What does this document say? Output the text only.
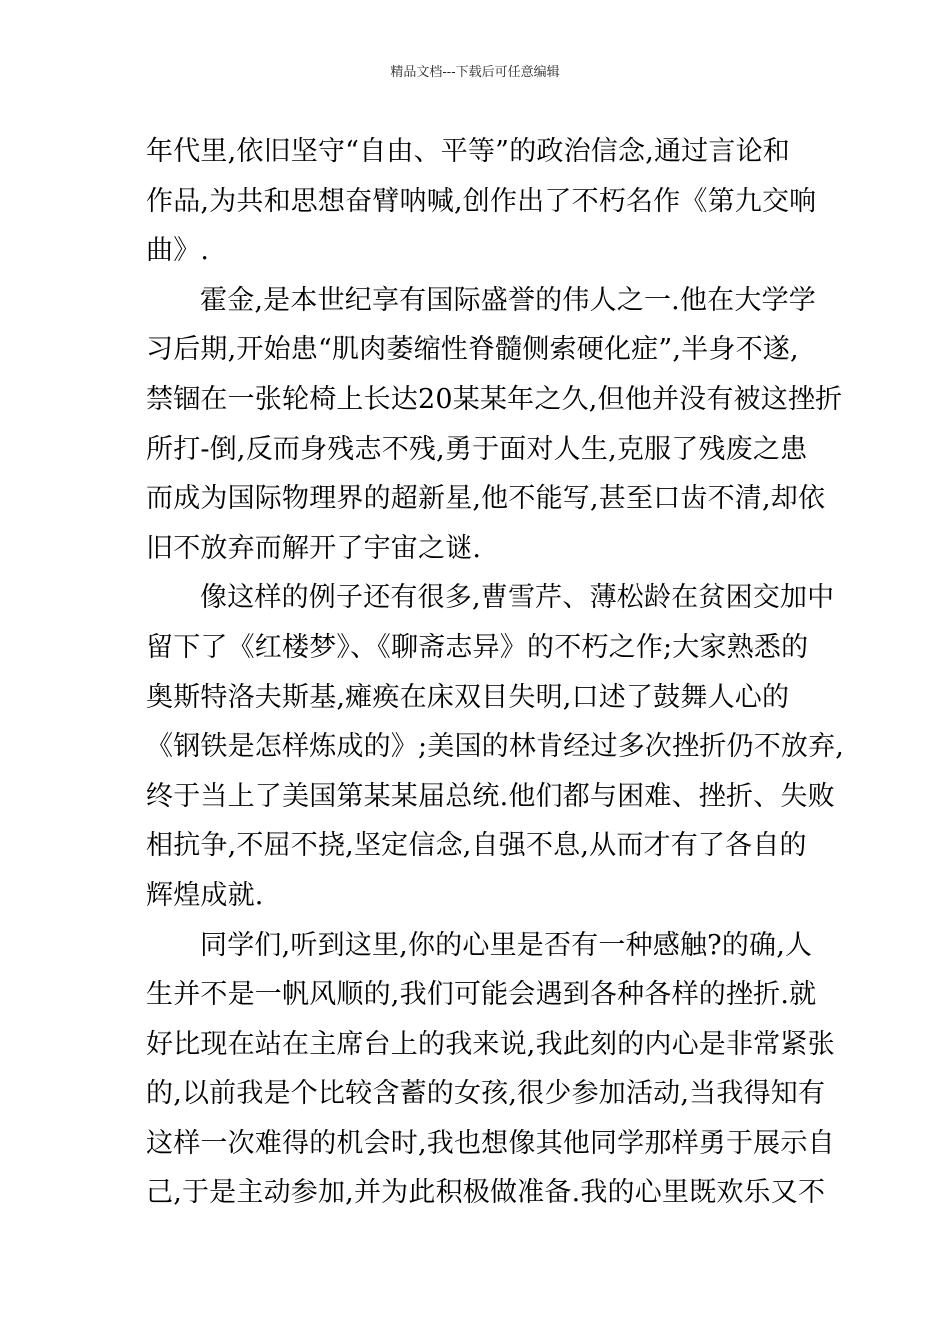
精品文档---下载后可任意编辑
年代里,依旧坚守“自由、平等”的政治信念,通过言论和
作品,为共和思想奋臂呐喊,创作出了不朽名作《第九交响
曲》.
霍金,是本世纪享有国际盛誉的伟人之一.他在大学学
习后期,开始患“肌肉萎缩性脊髓侧索硬化症”,半身不遂,
禁锢在一张轮椅上长达20某某年之久,但他并没有被这挫折
所打-倒,反而身残志不残,勇于面对人生,克服了残废之患
而成为国际物理界的超新星,他不能写,甚至口齿不清,却依
旧不放弃而解开了宇宙之谜.
像这样的例子还有很多,曹雪芹、薄松龄在贫困交加中
留下了《红楼梦》、《聊斋志异》的不朽之作;大家熟悉的
奥斯特洛夫斯基,瘫痪在床双目失明,口述了鼓舞人心的
《钢铁是怎样炼成的》;美国的林肯经过多次挫折仍不放弃,
终于当上了美国第某某届总统.他们都与困难、挫折、失败
相抗争,不屈不挠,坚定信念,自强不息,从而才有了各自的
辉煌成就.
同学们,听到这里,你的心里是否有一种感触?的确,人
生并不是一帆风顺的,我们可能会遇到各种各样的挫折.就
好比现在站在主席台上的我来说,我此刻的内心是非常紧张
的,以前我是个比较含蓄的女孩,很少参加活动,当我得知有
这样一次难得的机会时,我也想像其他同学那样勇于展示自
己,于是主动参加,并为此积极做准备.我的心里既欢乐又不
